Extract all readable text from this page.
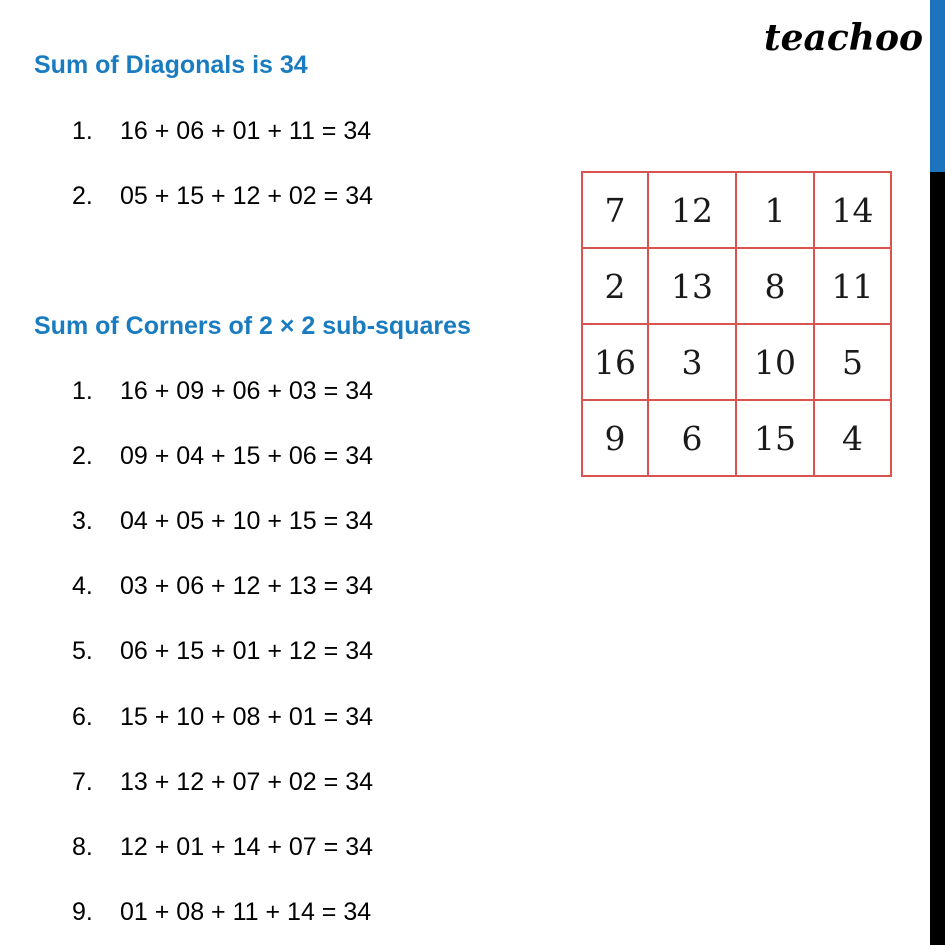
teachoo
Sum of Diagonals is 34
1.	16 + 06 + 01 + 11 = 34
2.	05 + 15 + 12 + 02 = 34
Sum of Corners of 2 × 2 sub-squares
1.	16 + 09 + 06 + 03 = 34
2.	09 + 04 + 15 + 06 = 34
3.	04 + 05 + 10 + 15 = 34
4.	03 + 06 + 12 + 13 = 34
5.	06 + 15 + 01 + 12 = 34
6.	15 + 10 + 08 + 01 = 34
7.	13 + 12 + 07 + 02 = 34
8.	12 + 01 + 14 + 07 = 34
9.	01 + 08 + 11 + 14 = 34
7	12	1	14
2	13	8	11
16	3	10	5
9	6	15	4
